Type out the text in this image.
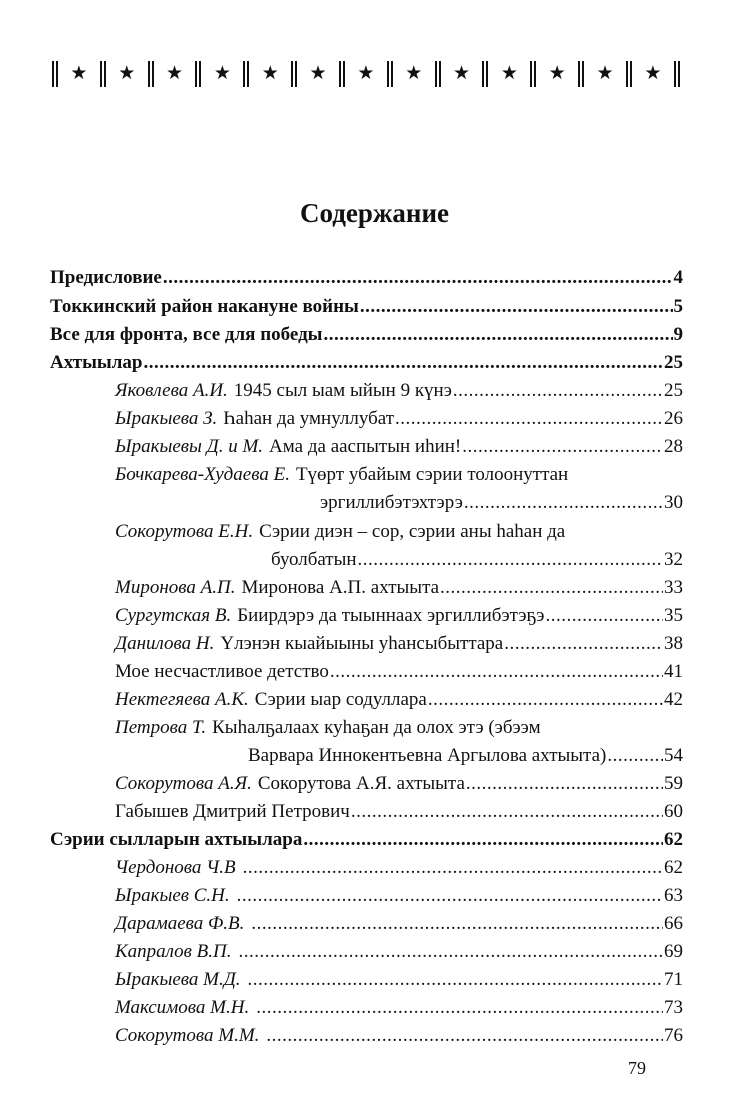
★ ★ ★ ★ ★ ★ ★ ★ ★ ★ ★ ★ ★
Содержание
Предисловие .....	4
Токкинский район накануне войны .....	5
Все для фронта, все для победы .....	9
Ахтыылар .....	25
Яковлева А.И. 1945 сыл ыам ыйын 9 күнэ .....	25
Ыракыева З. Һаһан да умнуллубат .....	26
Ыракыевы Д. и М. Ама да ааспытын иһин! .....	28
Бочкарева-Худаева Е. Түөрт убайым сэрии толоонуттан
эргиллибэтэхтэрэ .....	30
Сокорутова Е.Н. Сэрии диэн – сор, сэрии аны һаһан да
буолбатын .....	32
Миронова А.П. Миронова А.П. ахтыыта .....	33
Сургутская В. Биирдэрэ да тыыннаах эргиллибэтэҕэ .....	35
Данилова Н. Үлэнэн кыайыыны уһансыбыттара .....	38
Мое несчастливое детство .....	41
Нектегяева А.К. Сэрии ыар содуллара .....	42
Петрова Т. Кыһалҕалаах куһаҕан да олох этэ (эбээм
Варвара Иннокентьевна Аргылова ахтыыта) .....	54
Сокорутова А.Я. Сокорутова А.Я. ахтыыта .....	59
Габышев Дмитрий Петрович .....	60
Сэрии сылларын ахтыылара .....	62
Чердонова Ч.В .....	62
Ыракыев С.Н. .....	63
Дарамаева Ф.В. .....	66
Капралов В.П. .....	69
Ыракыева М.Д. .....	71
Максимова М.Н. .....	73
Сокорутова М.М. .....	76
79
